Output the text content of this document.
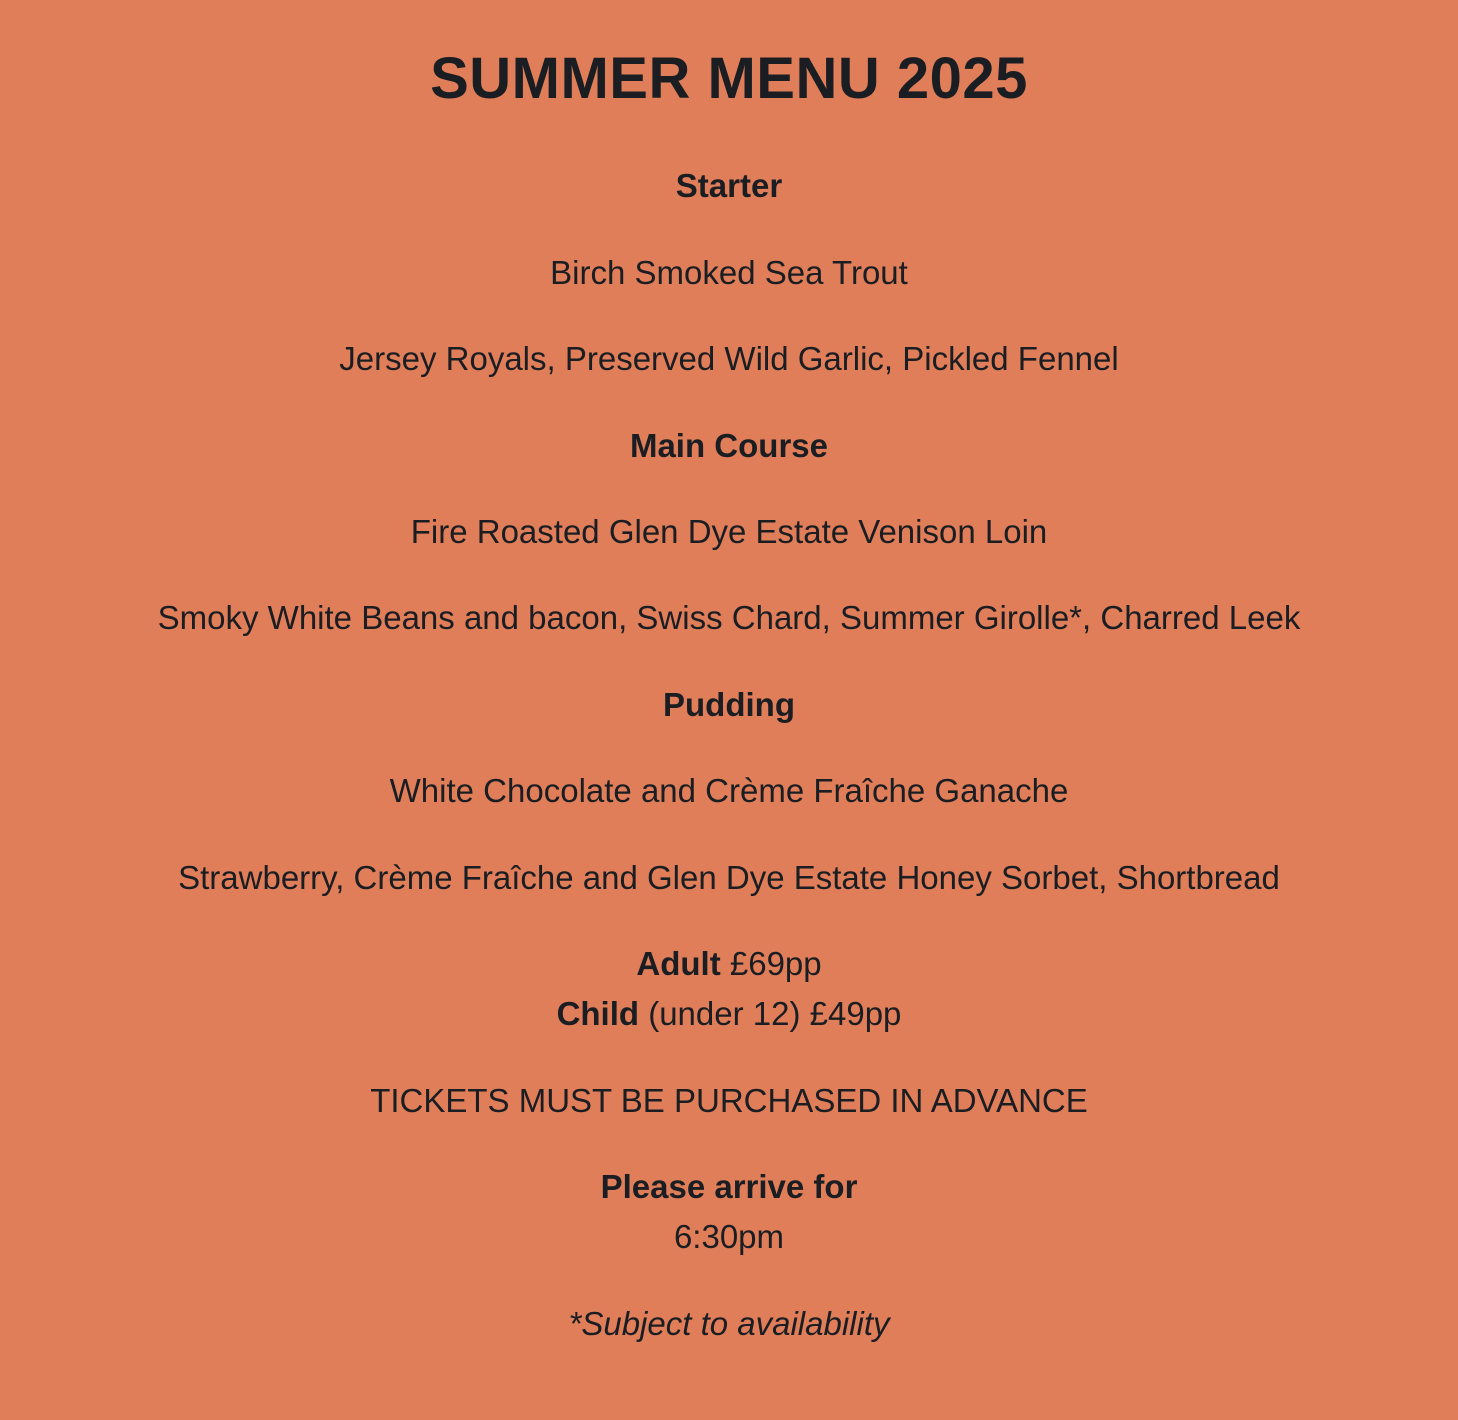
SUMMER MENU 2025

Starter

Birch Smoked Sea Trout

Jersey Royals, Preserved Wild Garlic, Pickled Fennel

Main Course

Fire Roasted Glen Dye Estate Venison Loin

Smoky White Beans and bacon, Swiss Chard, Summer Girolle*, Charred Leek

Pudding

White Chocolate and Crème Fraîche Ganache

Strawberry, Crème Fraîche and Glen Dye Estate Honey Sorbet, Shortbread

Adult £69pp

Child (under 12) £49pp

TICKETS MUST BE PURCHASED IN ADVANCE

Please arrive for

6:30pm

*Subject to availability
